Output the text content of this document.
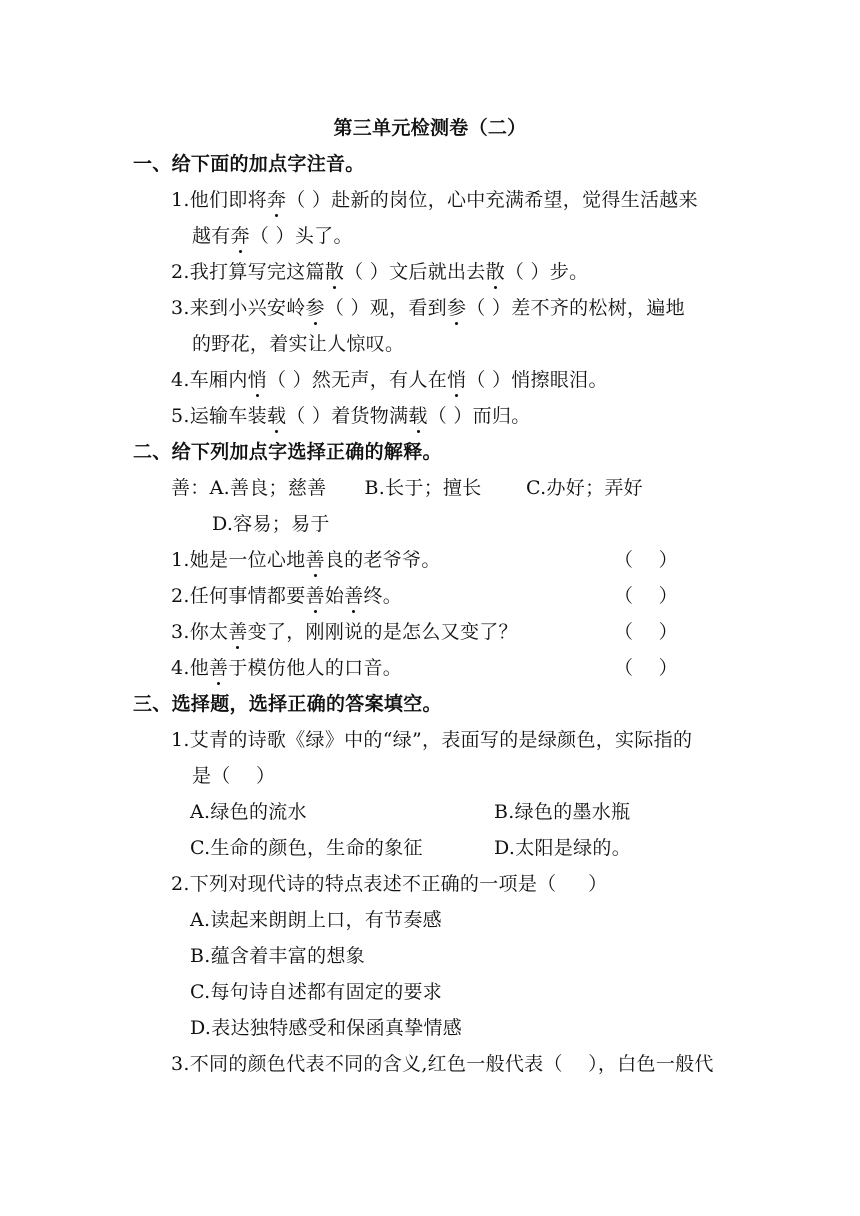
第三单元检测卷（二）
一、给下面的加点字注音。
1.他们即将奔（ ）赴新的岗位，心中充满希望，觉得生活越来
越有奔（ ）头了。
2.我打算写完这篇散（ ）文后就出去散（ ）步。
3.来到小兴安岭参（ ）观，看到参（ ）差不齐的松树，遍地
的野花，着实让人惊叹。
4.车厢内悄（ ）然无声，有人在悄（ ）悄擦眼泪。
5.运输车装载（ ）着货物满载（ ）而归。
二、给下列加点字选择正确的解释。
善：A.善良；慈善      B.长于；擅长       C.办好；弄好
D.容易；易于
1.她是一位心地善良的老爷爷。	（    ）
2.任何事情都要善始善终。	（    ）
3.你太善变了，刚刚说的是怎么又变了？	（    ）
4.他善于模仿他人的口音。	（    ）
三、选择题，选择正确的答案填空。
1.艾青的诗歌《绿》中的“绿”，表面写的是绿颜色，实际指的
是（    ）
A.绿色的流水	B.绿色的墨水瓶
C.生命的颜色，生命的象征	D.太阳是绿的。
2.下列对现代诗的特点表述不正确的一项是（     ）
A.读起来朗朗上口，有节奏感
B.蕴含着丰富的想象
C.每句诗自述都有固定的要求
D.表达独特感受和保函真挚情感
3.不同的颜色代表不同的含义,红色一般代表（    ），白色一般代
